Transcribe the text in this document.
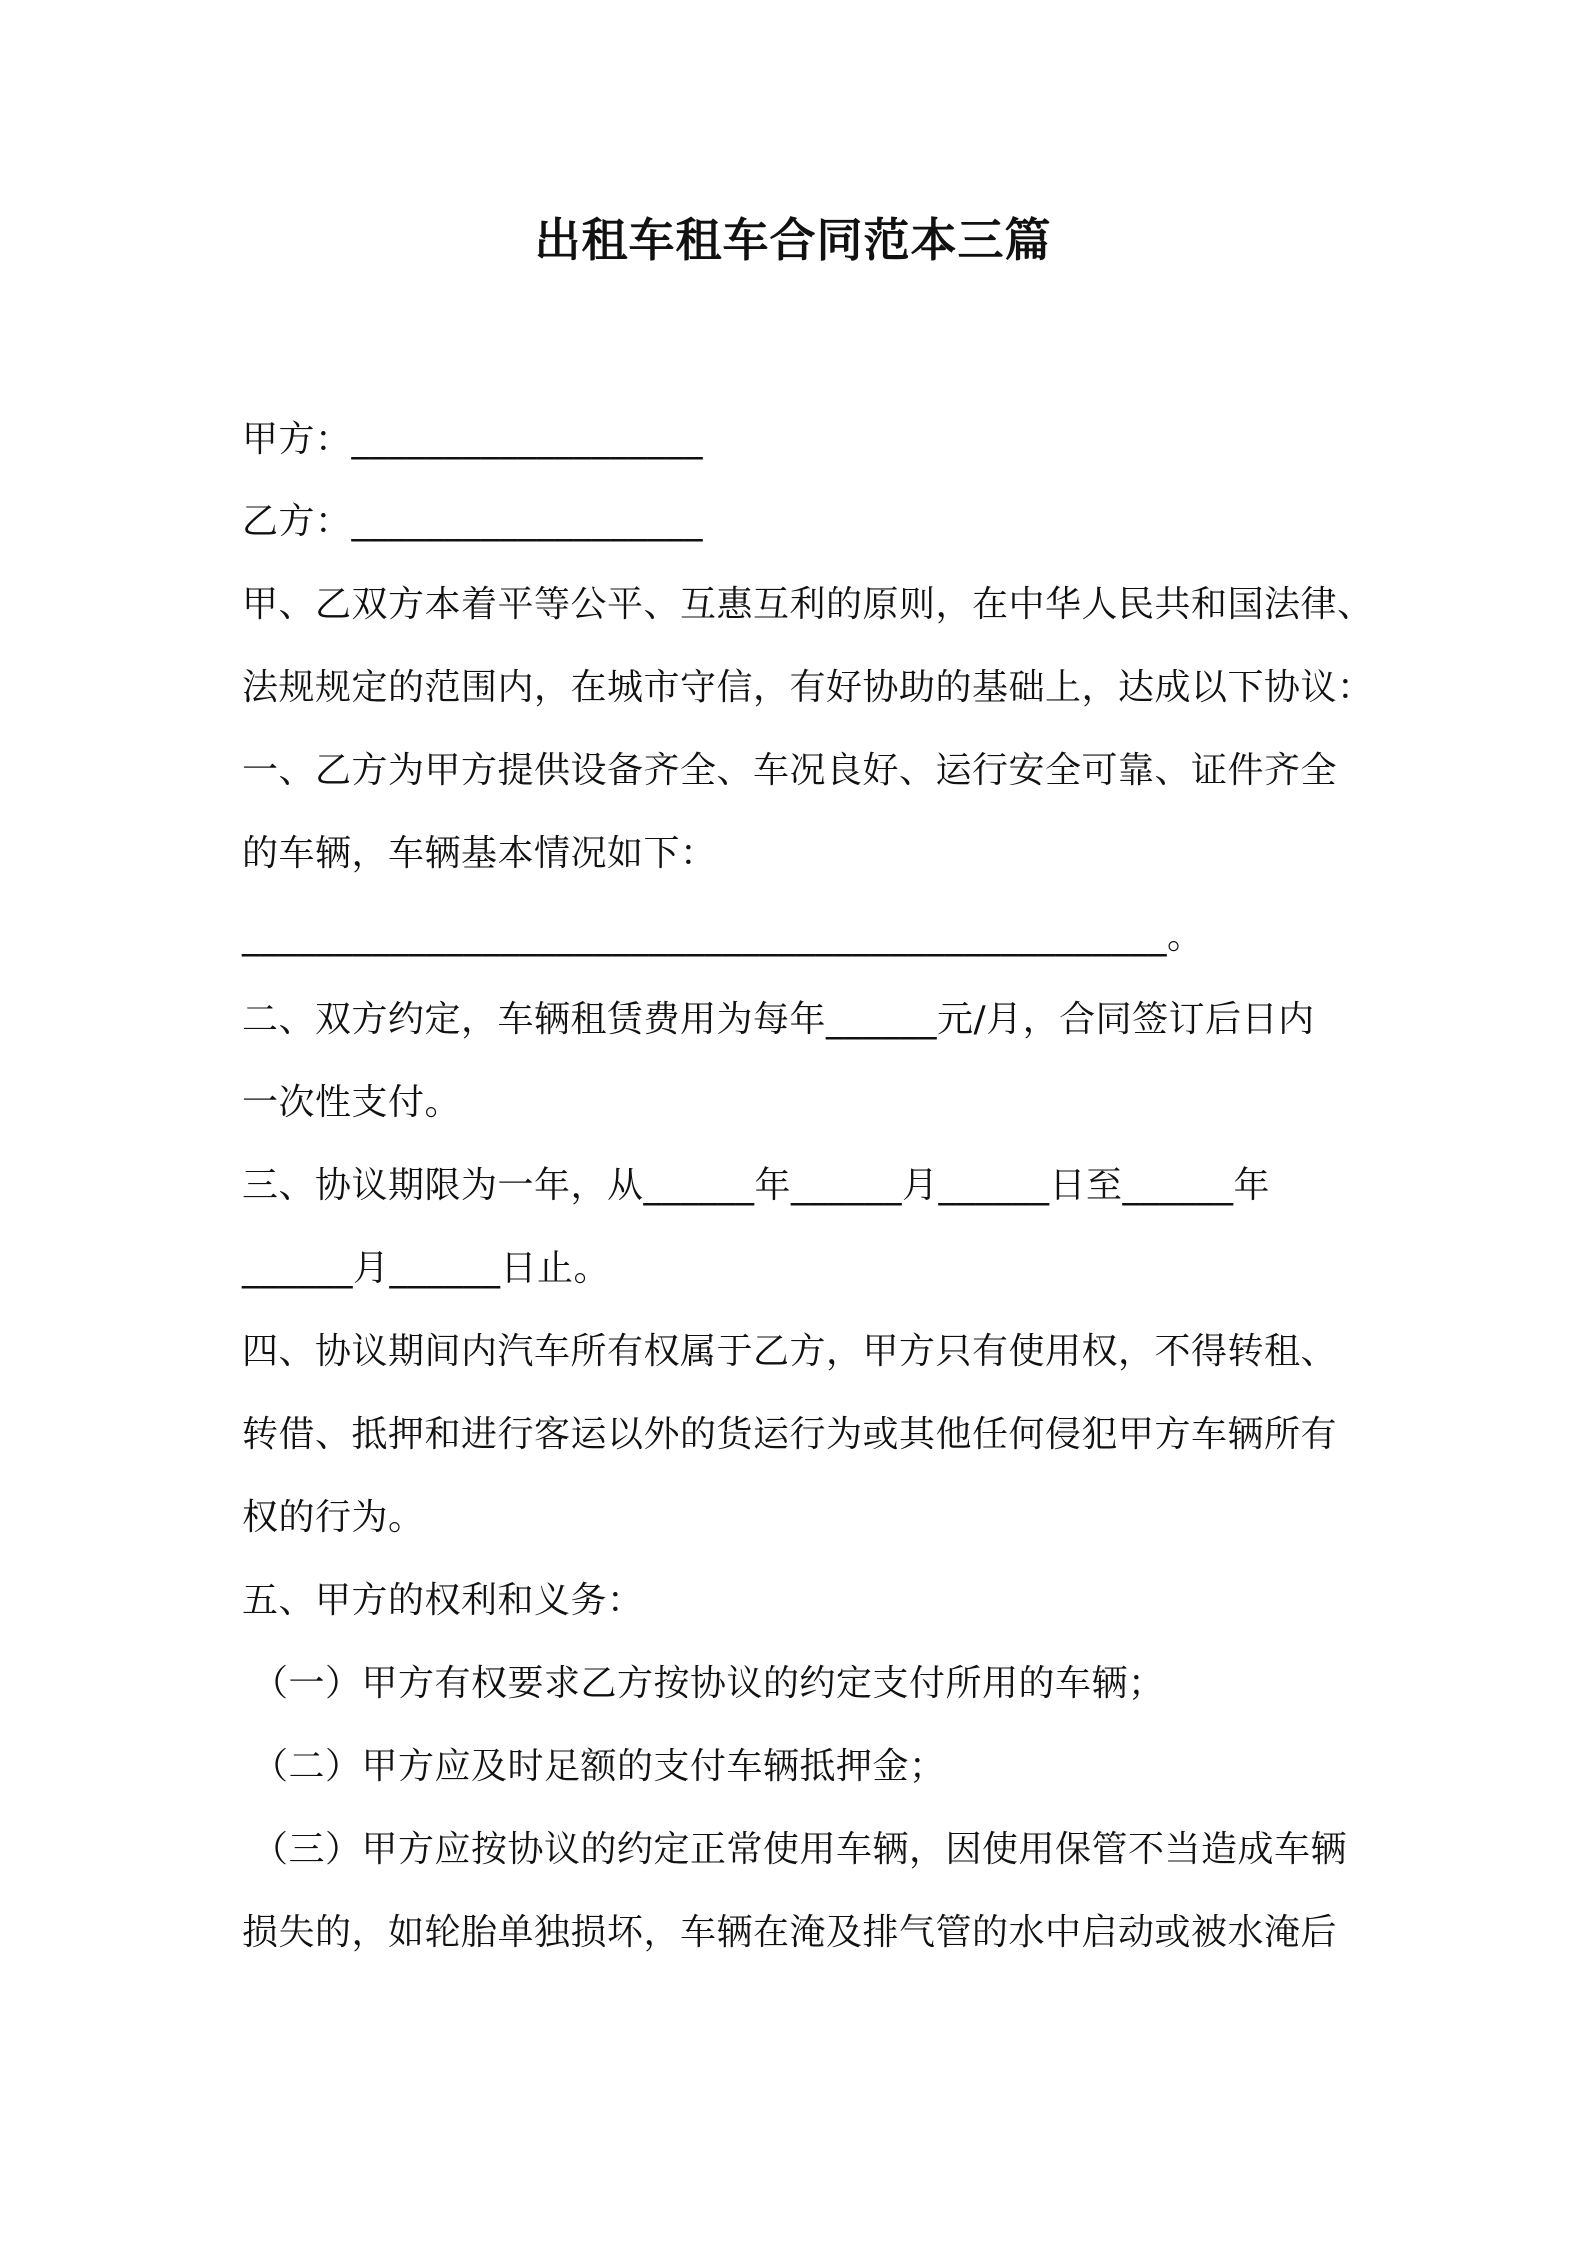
出租车租车合同范本三篇
甲方：___________________
乙方：___________________
甲、乙双方本着平等公平、互惠互利的原则，在中华人民共和国法律、
法规规定的范围内，在城市守信，有好协助的基础上，达成以下协议：
一、乙方为甲方提供设备齐全、车况良好、运行安全可靠、证件齐全
的车辆，车辆基本情况如下：
__________________________________________________。
二、双方约定，车辆租赁费用为每年______元/月，合同签订后日内
一次性支付。
三、协议期限为一年，从______年______月______日至______年
______月______日止。
四、协议期间内汽车所有权属于乙方，甲方只有使用权，不得转租、
转借、抵押和进行客运以外的货运行为或其他任何侵犯甲方车辆所有
权的行为。
五、甲方的权利和义务：
（一）甲方有权要求乙方按协议的约定支付所用的车辆；
（二）甲方应及时足额的支付车辆抵押金；
（三）甲方应按协议的约定正常使用车辆，因使用保管不当造成车辆
损失的，如轮胎单独损坏，车辆在淹及排气管的水中启动或被水淹后
